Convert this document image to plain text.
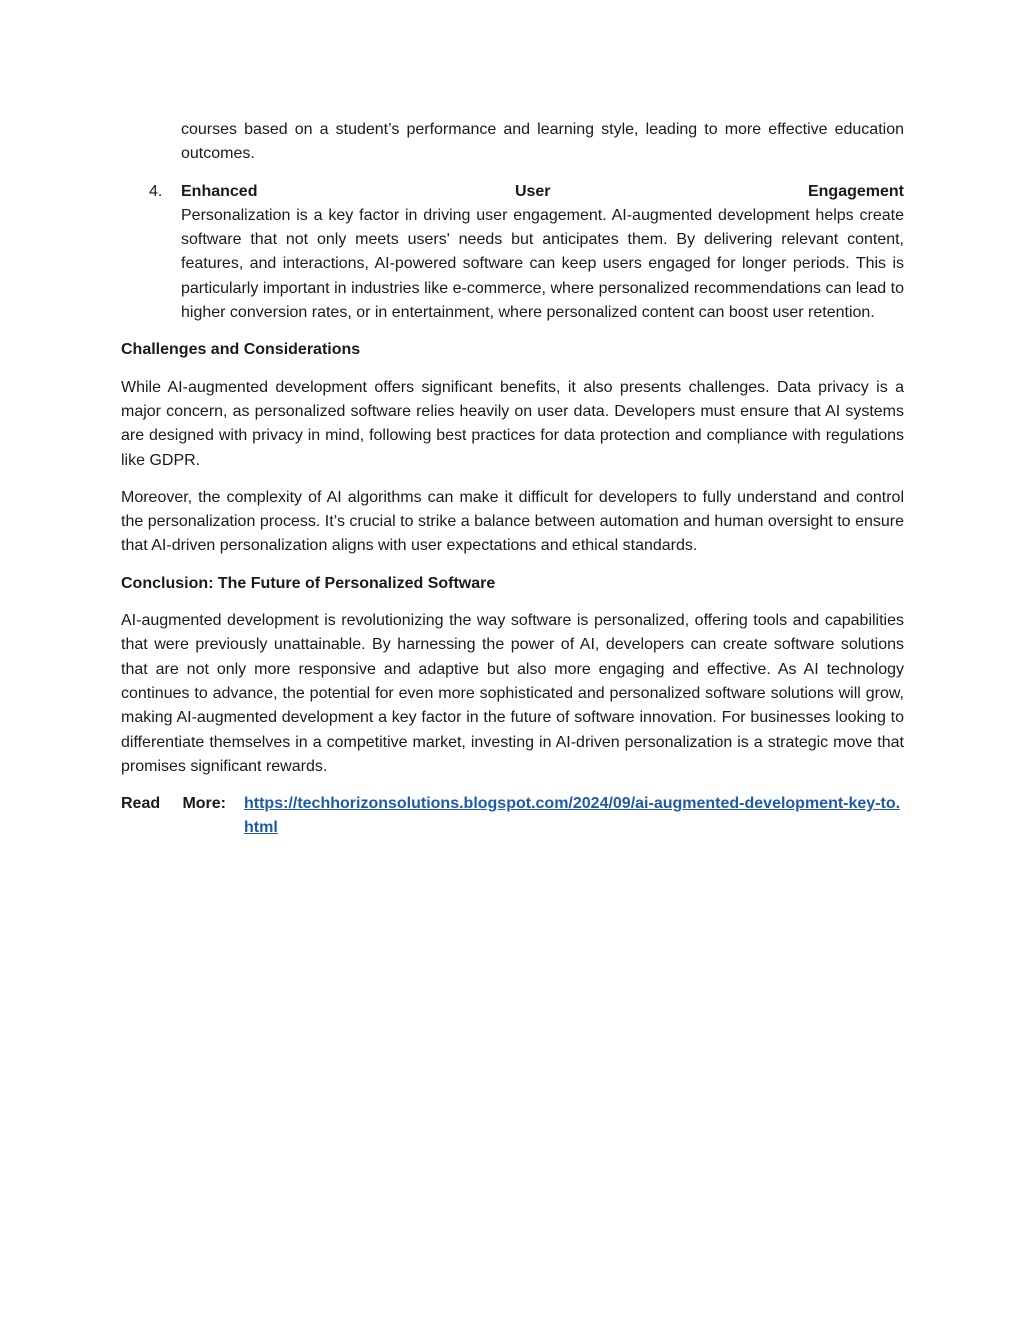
courses based on a student’s performance and learning style, leading to more effective education outcomes.
4. Enhanced	User	Engagement
Personalization is a key factor in driving user engagement. AI-augmented development helps create software that not only meets users' needs but anticipates them. By delivering relevant content, features, and interactions, AI-powered software can keep users engaged for longer periods. This is particularly important in industries like e-commerce, where personalized recommendations can lead to higher conversion rates, or in entertainment, where personalized content can boost user retention.
Challenges and Considerations

While AI-augmented development offers significant benefits, it also presents challenges. Data privacy is a major concern, as personalized software relies heavily on user data. Developers must ensure that AI systems are designed with privacy in mind, following best practices for data protection and compliance with regulations like GDPR.

Moreover, the complexity of AI algorithms can make it difficult for developers to fully understand and control the personalization process. It’s crucial to strike a balance between automation and human oversight to ensure that AI-driven personalization aligns with user expectations and ethical standards.

Conclusion: The Future of Personalized Software

AI-augmented development is revolutionizing the way software is personalized, offering tools and capabilities that were previously unattainable. By harnessing the power of AI, developers can create software solutions that are not only more responsive and adaptive but also more engaging and effective. As AI technology continues to advance, the potential for even more sophisticated and personalized software solutions will grow, making AI-augmented development a key factor in the future of software innovation. For businesses looking to differentiate themselves in a competitive market, investing in AI-driven personalization is a strategic move that promises significant rewards.

Read More: https://techhorizonsolutions.blogspot.com/2024/09/ai-augmented-development-key-to.html
